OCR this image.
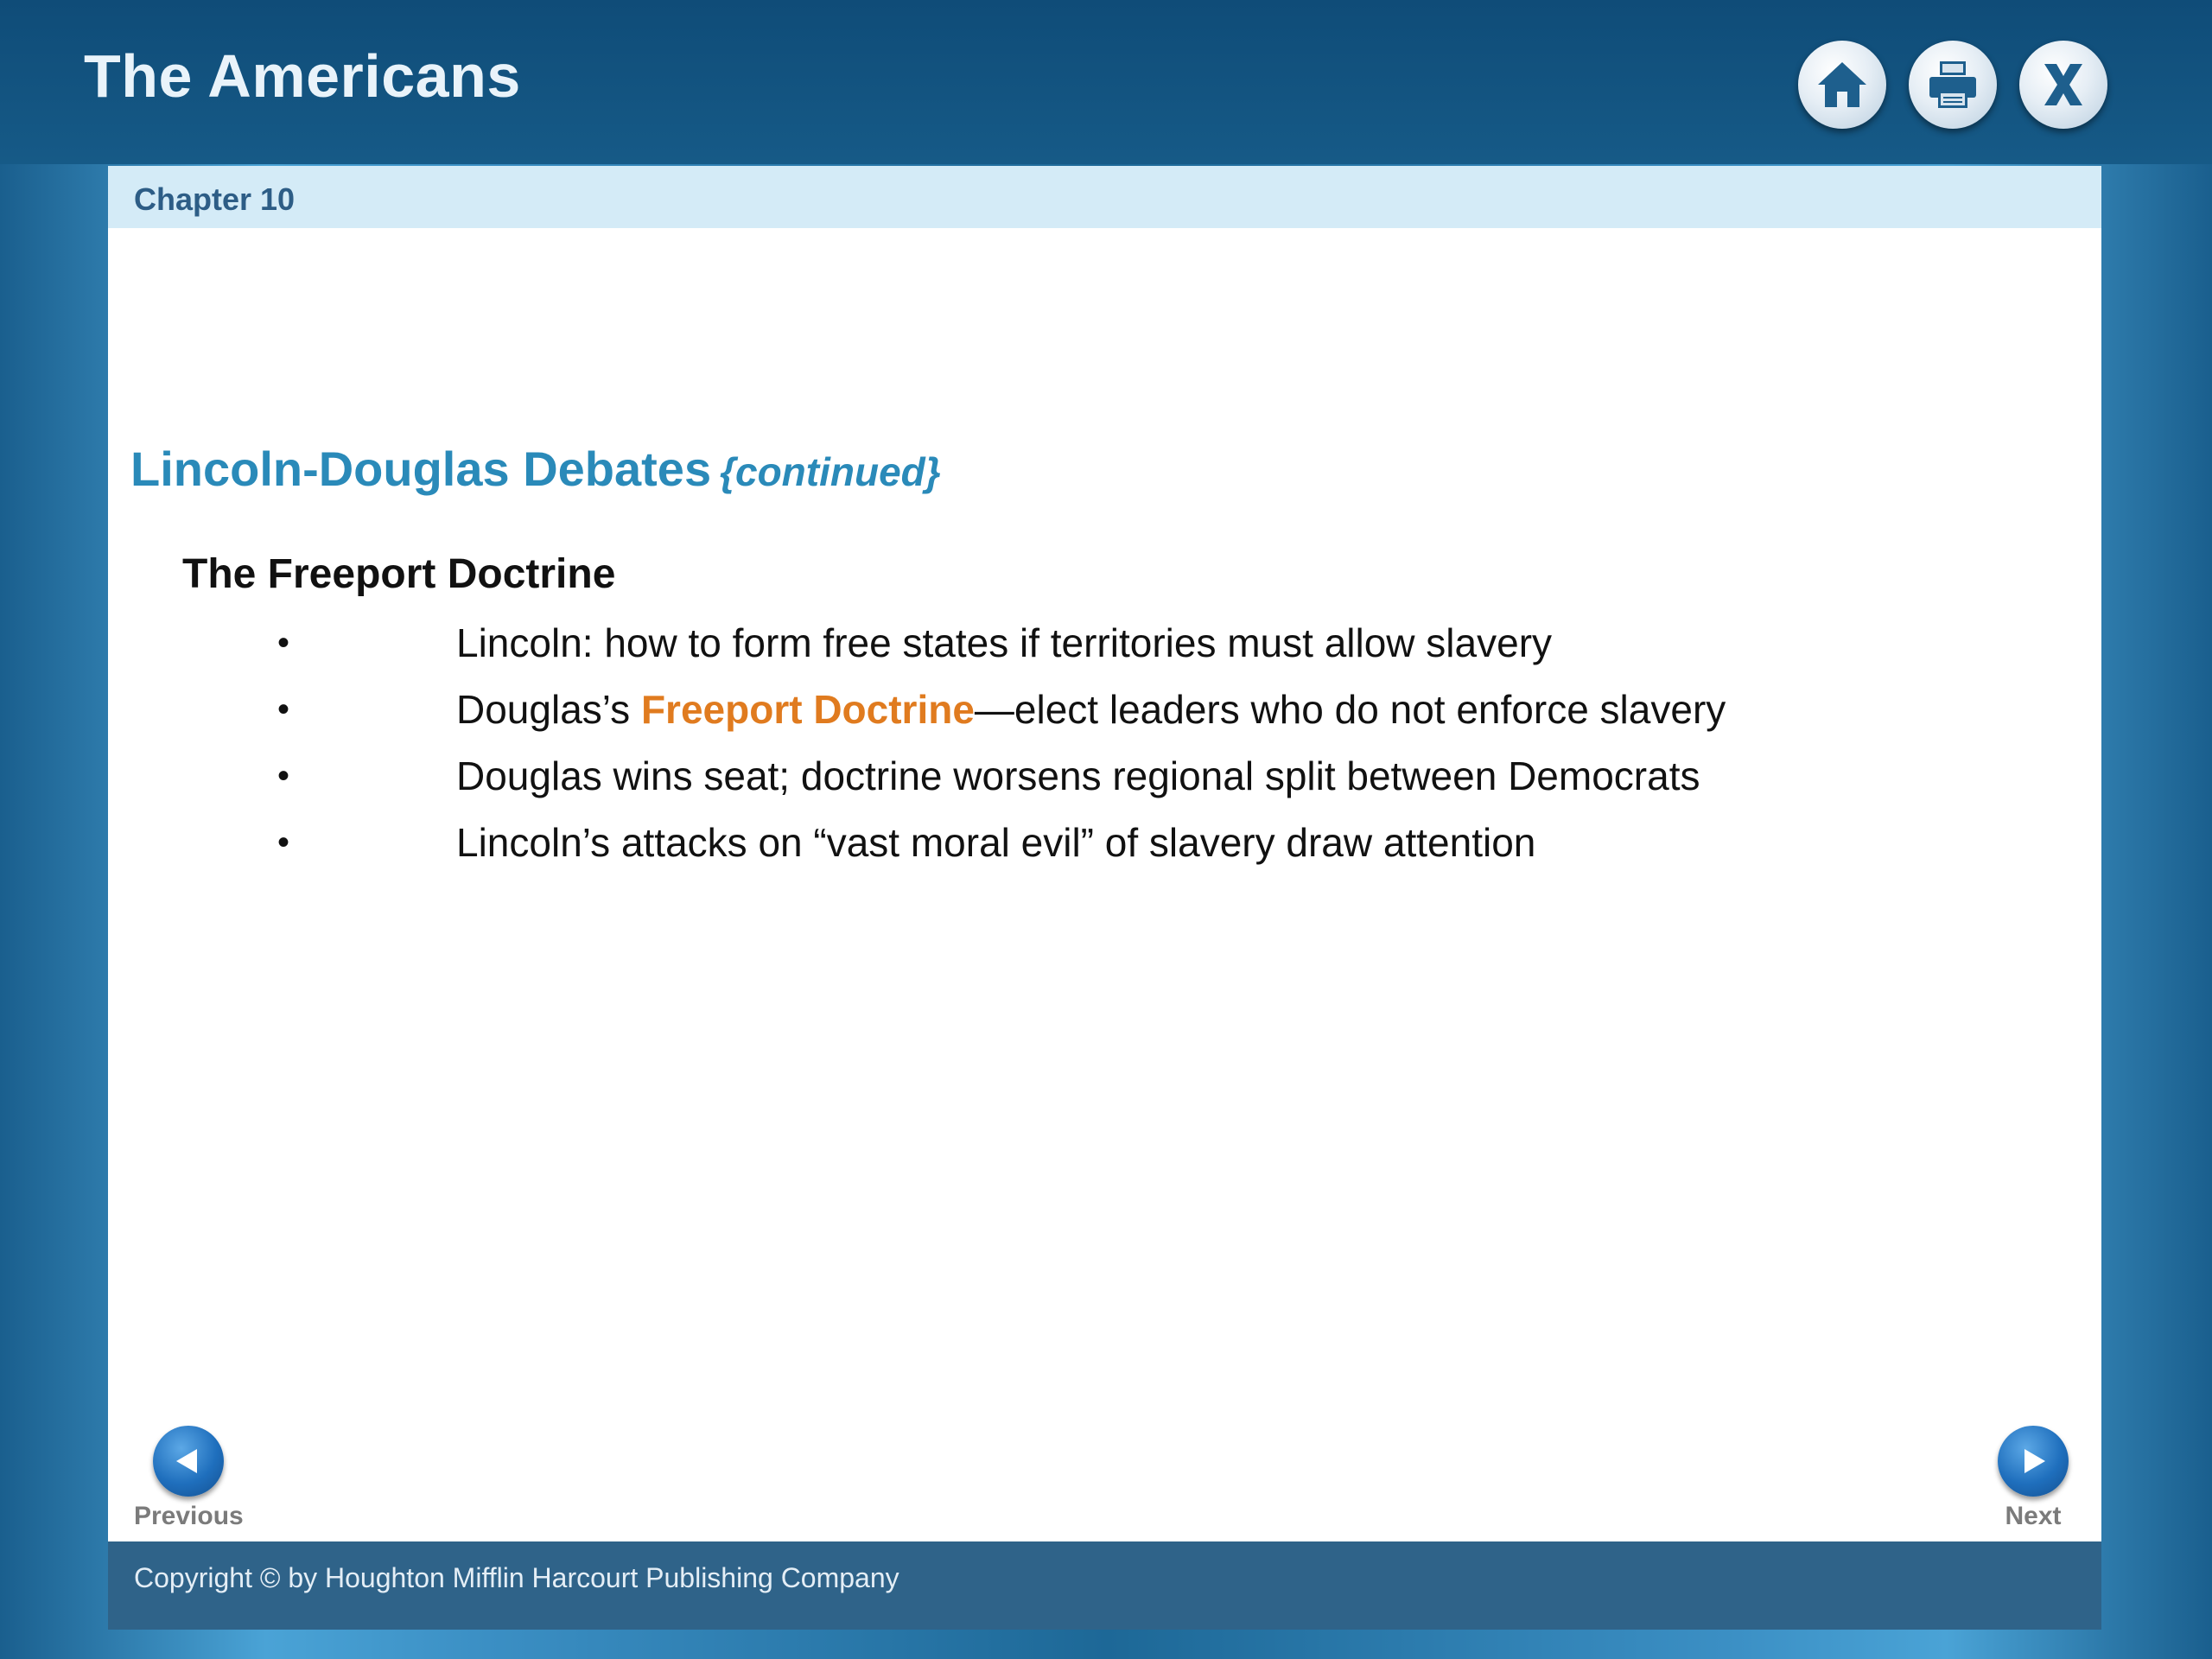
The Americans
Chapter 10
Lincoln-Douglas Debates {continued}
The Freeport Doctrine
•	Lincoln: how to form free states if territories must allow slavery
•	Douglas’s Freeport Doctrine—elect leaders who do not enforce slavery
•	Douglas wins seat; doctrine worsens regional split between Democrats
•	Lincoln’s attacks on “vast moral evil” of slavery draw attention
Previous	Next
Copyright © by Houghton Mifflin Harcourt Publishing Company
